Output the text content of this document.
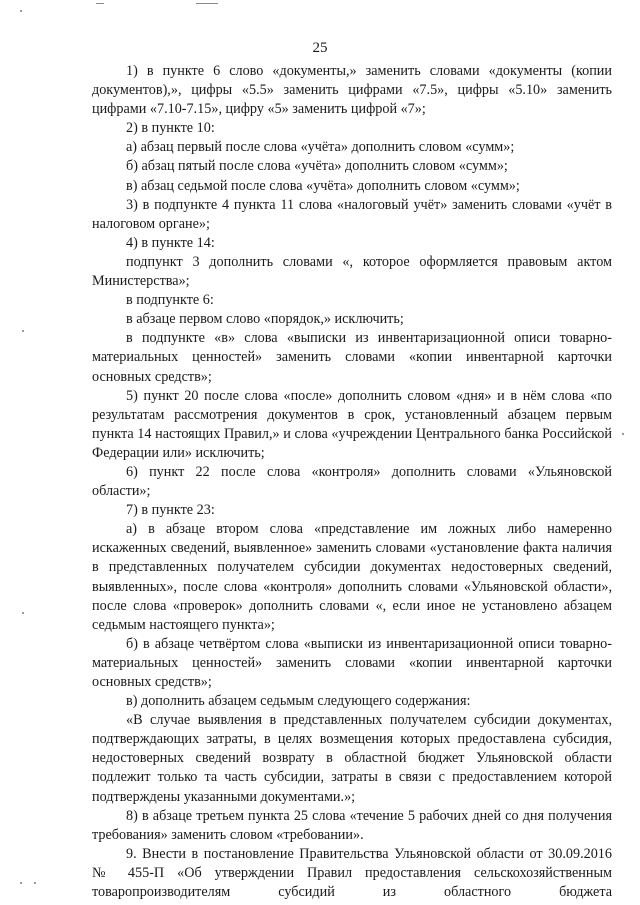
25

1) в пункте 6 слово «документы,» заменить словами «документы (копии документов),», цифры «5.5» заменить цифрами «7.5», цифры «5.10» заменить цифрами «7.10-7.15», цифру «5» заменить цифрой «7»;

2) в пункте 10:

а) абзац первый после слова «учёта» дополнить словом «сумм»;

б) абзац пятый после слова «учёта» дополнить словом «сумм»;

в) абзац седьмой после слова «учёта» дополнить словом «сумм»;

3) в подпункте 4 пункта 11 слова «налоговый учёт» заменить словами «учёт в налоговом органе»;

4) в пункте 14:

подпункт 3 дополнить словами «, которое оформляется правовым актом Министерства»;

в подпункте 6:

в абзаце первом слово «порядок,» исключить;

в подпункте «в» слова «выписки из инвентаризационной описи товарно-материальных ценностей» заменить словами «копии инвентарной карточки основных средств»;

5) пункт 20 после слова «после» дополнить словом «дня» и в нём слова «по результатам рассмотрения документов в срок, установленный абзацем первым пункта 14 настоящих Правил,» и слова «учреждении Центрального банка Российской Федерации или» исключить;

6) пункт 22 после слова «контроля» дополнить словами «Ульяновской области»;

7) в пункте 23:

а) в абзаце втором слова «представление им ложных либо намеренно искаженных сведений, выявленное» заменить словами «установление факта наличия в представленных получателем субсидии документах недостоверных сведений, выявленных», после слова «контроля» дополнить словами «Ульяновской области», после слова «проверок» дополнить словами «, если иное не установлено абзацем седьмым настоящего пункта»;

б) в абзаце четвёртом слова «выписки из инвентаризационной описи товарно-материальных ценностей» заменить словами «копии инвентарной карточки основных средств»;

в) дополнить абзацем седьмым следующего содержания:

«В случае выявления в представленных получателем субсидии документах, подтверждающих затраты, в целях возмещения которых предоставлена субсидия, недостоверных сведений возврату в областной бюджет Ульяновской области подлежит только та часть субсидии, затраты в связи с предоставлением которой подтверждены указанными документами.»;

8) в абзаце третьем пункта 25 слова «течение 5 рабочих дней со дня получения требования» заменить словом «требовании».

9. Внести в постановление Правительства Ульяновской области от 30.09.2016 № 455-П «Об утверждении Правил предоставления сельскохозяйственным товаропроизводителям субсидий из областного бюджета
